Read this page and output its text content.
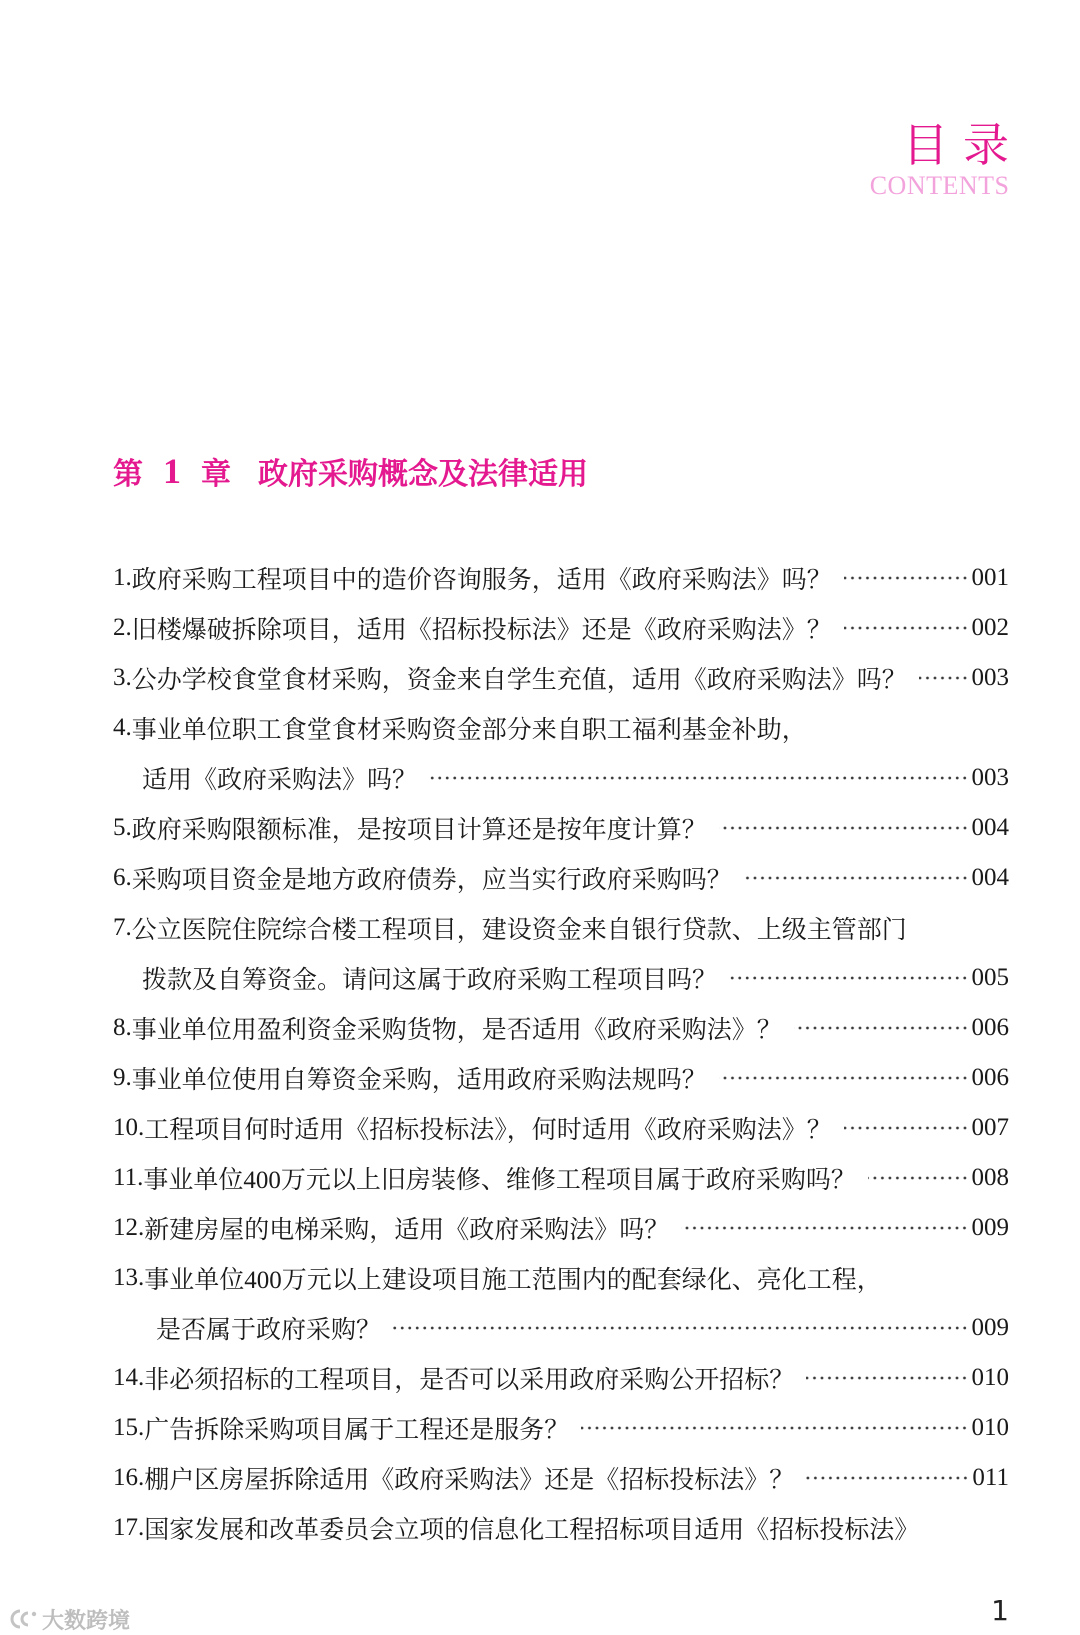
目 录
CONTENTS
第 1 章 政府采购概念及法律适用
1. 政府采购工程项目中的造价咨询服务，适用《政府采购法》吗？	001
2. 旧楼爆破拆除项目，适用《招标投标法》还是《政府采购法》？	002
3. 公办学校食堂食材采购，资金来自学生充值，适用《政府采购法》吗？	003
4. 事业单位职工食堂食材采购资金部分来自职工福利基金补助，
适用《政府采购法》吗？	003
5. 政府采购限额标准，是按项目计算还是按年度计算？	004
6. 采购项目资金是地方政府债券，应当实行政府采购吗？	004
7. 公立医院住院综合楼工程项目，建设资金来自银行贷款、上级主管部门
拨款及自筹资金。请问这属于政府采购工程项目吗？	005
8. 事业单位用盈利资金采购货物，是否适用《政府采购法》？	006
9. 事业单位使用自筹资金采购，适用政府采购法规吗？	006
10. 工程项目何时适用《招标投标法》，何时适用《政府采购法》？	007
11. 事业单位400万元以上旧房装修、维修工程项目属于政府采购吗？	008
12. 新建房屋的电梯采购，适用《政府采购法》吗？	009
13. 事业单位400万元以上建设项目施工范围内的配套绿化、亮化工程，
是否属于政府采购？	009
14. 非必须招标的工程项目，是否可以采用政府采购公开招标？	010
15. 广告拆除采购项目属于工程还是服务？	010
16. 棚户区房屋拆除适用《政府采购法》还是《招标投标法》？	011
17. 国家发展和改革委员会立项的信息化工程招标项目适用《招标投标法》
1
大数跨境
